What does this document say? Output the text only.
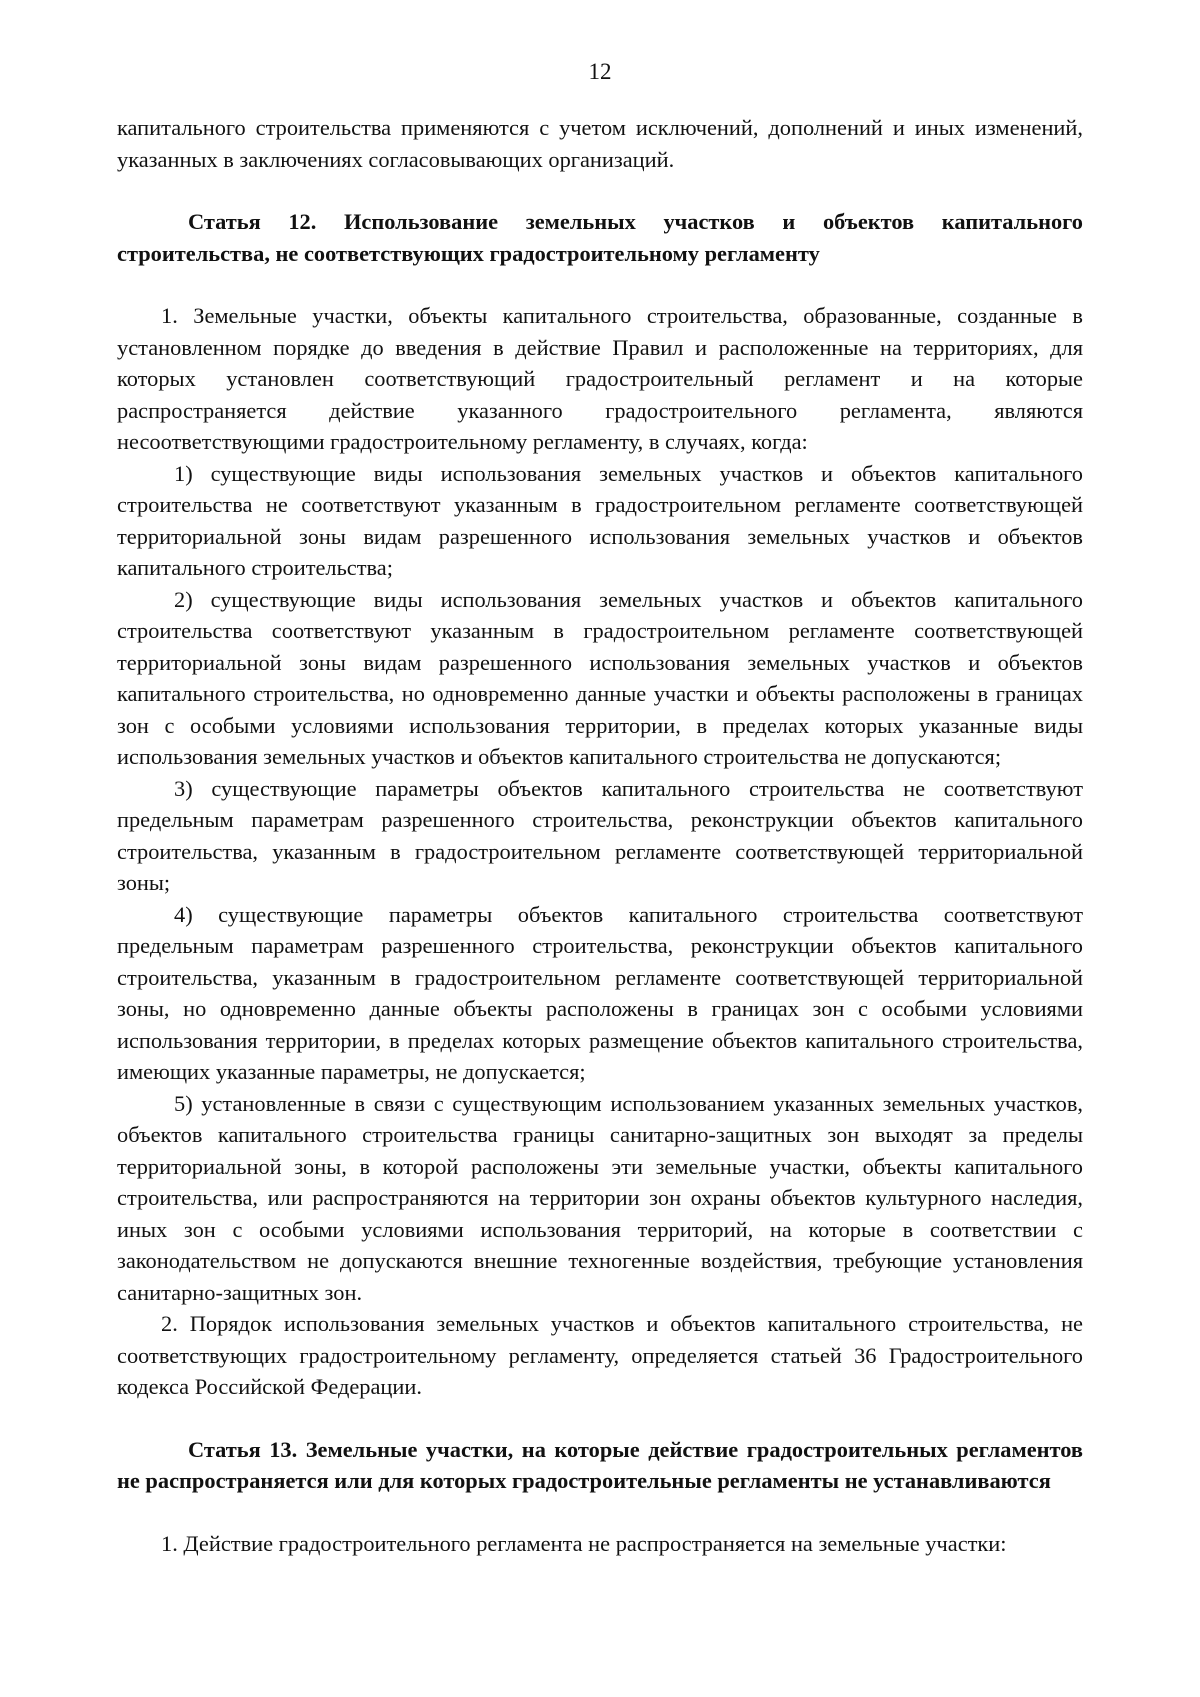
12

капитального строительства применяются с учетом исключений, дополнений и иных изменений, указанных в заключениях согласовывающих организаций.

Статья 12. Использование земельных участков и объектов капитального строительства, не соответствующих градостроительному регламенту

1. Земельные участки, объекты капитального строительства, образованные, созданные в установленном порядке до введения в действие Правил и расположенные на территориях, для которых установлен соответствующий градостроительный регламент и на которые распространяется действие указанного градостроительного регламента, являются несоответствующими градостроительному регламенту, в случаях, когда:

1) существующие виды использования земельных участков и объектов капитального строительства не соответствуют указанным в градостроительном регламенте соответствующей территориальной зоны видам разрешенного использования земельных участков и объектов капитального строительства;

2) существующие виды использования земельных участков и объектов капитального строительства соответствуют указанным в градостроительном регламенте соответствующей территориальной зоны видам разрешенного использования земельных участков и объектов капитального строительства, но одновременно данные участки и объекты расположены в границах зон с особыми условиями использования территории, в пределах которых указанные виды использования земельных участков и объектов капитального строительства не допускаются;

3) существующие параметры объектов капитального строительства не соответствуют предельным параметрам разрешенного строительства, реконструкции объектов капитального строительства, указанным в градостроительном регламенте соответствующей территориальной зоны;

4) существующие параметры объектов капитального строительства соответствуют предельным параметрам разрешенного строительства, реконструкции объектов капитального строительства, указанным в градостроительном регламенте соответствующей территориальной зоны, но одновременно данные объекты расположены в границах зон с особыми условиями использования территории, в пределах которых размещение объектов капитального строительства, имеющих указанные параметры, не допускается;

5) установленные в связи с существующим использованием указанных земельных участков, объектов капитального строительства границы санитарно-защитных зон выходят за пределы территориальной зоны, в которой расположены эти земельные участки, объекты капитального строительства, или распространяются на территории зон охраны объектов культурного наследия, иных зон с особыми условиями использования территорий, на которые в соответствии с законодательством не допускаются внешние техногенные воздействия, требующие установления санитарно-защитных зон.

2. Порядок использования земельных участков и объектов капитального строительства, не соответствующих градостроительному регламенту, определяется статьей 36 Градостроительного кодекса Российской Федерации.

Статья 13. Земельные участки, на которые действие градостроительных регламентов не распространяется или для которых градостроительные регламенты не устанавливаются

1. Действие градостроительного регламента не распространяется на земельные участки:
